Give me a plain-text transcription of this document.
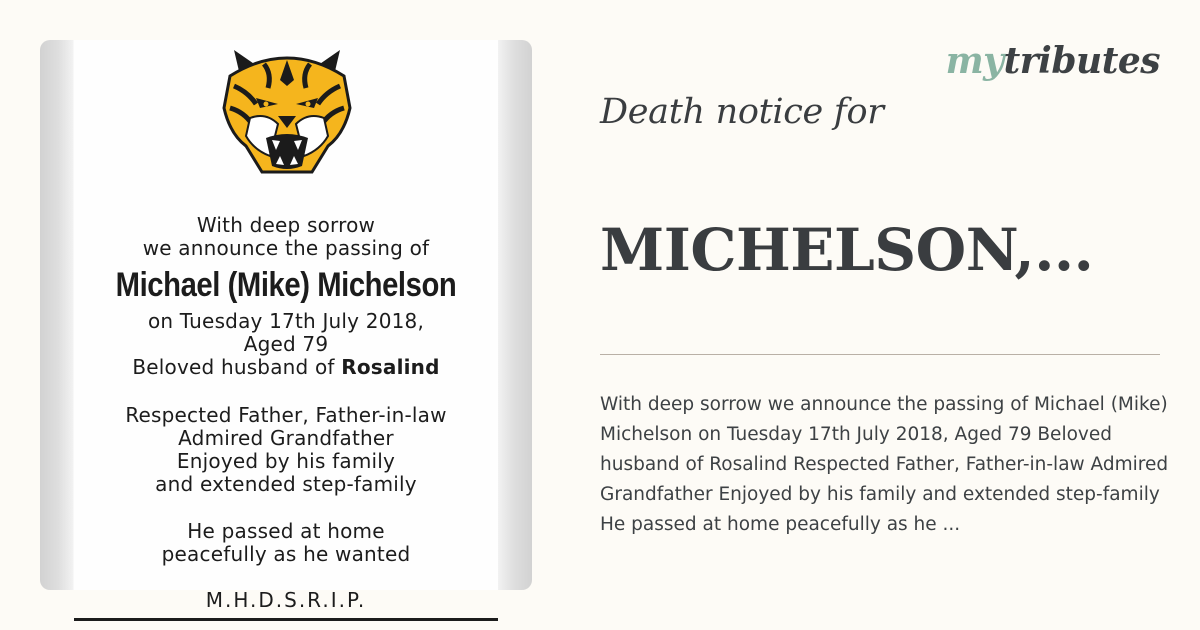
With deep sorrow
we announce the passing of
Michael (Mike) Michelson
on Tuesday 17th July 2018,
Aged 79
Beloved husband of Rosalind
Respected Father, Father-in-law
Admired Grandfather
Enjoyed by his family
and extended step-family
He passed at home
peacefully as he wanted
M.H.D.S.R.I.P.
mytributes
Death notice for
MICHELSON,...
With deep sorrow we announce the passing of Michael (Mike) Michelson on Tuesday 17th July 2018, Aged 79 Beloved husband of Rosalind Respected Father, Father-in-law Admired Grandfather Enjoyed by his family and extended step-family He passed at home peacefully as he ...
